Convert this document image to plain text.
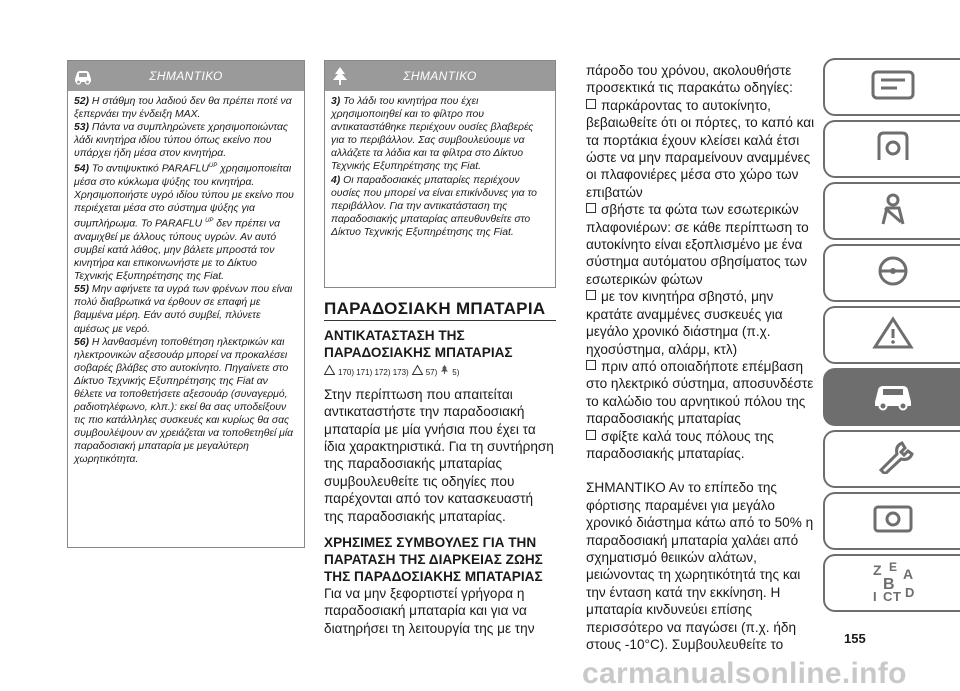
ΣΗΜΑΝΤΙΚΟ

52) Η στάθμη του λαδιού δεν θα πρέπει ποτέ να ξεπερνάει την ένδειξη MAX.

53) Πάντα να συμπληρώνετε χρησιμοποιώντας λάδι κινητήρα ιδίου τύπου όπως εκείνο που υπάρχει ήδη μέσα στον κινητήρα.

54) Το αντιψυκτικό $PARAFLU^{UP}$ χρησιμοποιείται μέσα στο κύκλωμα ψύξης του κινητήρα. Χρησιμοποιήστε υγρό ιδίου τύπου με εκείνο που περιέχεται μέσα στο σύστημα ψύξης για συμπλήρωμα. Το PARAFLU $^{UP}$ δεν πρέπει να αναμιχθεί με άλλους τύπους υγρών. Αν αυτό συμβεί κατά λάθος, μην βάλετε μπροστά τον κινητήρα και επικοινωνήστε με το Δίκτυο Τεχνικής Εξυπηρέτησης της Fiat.

55) Μην αφήνετε τα υγρά των φρένων που είναι πολύ διαβρωτικά να έρθουν σε επαφή με βαμμένα μέρη. Εάν αυτό συμβεί, πλύνετε αμέσως με νερό.

56) Η λανθασμένη τοποθέτηση ηλεκτρικών και ηλεκτρονικών αξεσουάρ μπορεί να προκαλέσει σοβαρές βλάβες στο αυτοκίνητο. Πηγαίνετε στο Δίκτυο Τεχνικής Εξυπηρέτησης της Fiat αν θέλετε να τοποθετήσετε αξεσουάρ (συναγερμό, ραδιοτηλέφωνο, κλπ.): εκεί θα σας υποδείξουν τις πιο κατάλληλες συσκευές και κυρίως θα σας συμβουλέψουν αν χρειάζεται να τοποθετηθεί μία παραδοσιακή μπαταρία με μεγαλύτερη χωρητικότητα.

ΣΗΜΑΝΤΙΚΟ

3) Το λάδι του κινητήρα που έχει χρησιμοποιηθεί και το φίλτρο που αντικαταστάθηκε περιέχουν ουσίες βλαβερές για το περιβάλλον. Σας συμβουλεύουμε να αλλάζετε τα λάδια και τα φίλτρα στο Δίκτυο Τεχνικής Εξυπηρέτησης της Fiat.

4) Οι παραδοσιακές μπαταρίες περιέχουν ουσίες που μπορεί να είναι επικίνδυνες για το περιβάλλον. Για την αντικατάσταση της παραδοσιακής μπαταρίας απευθυνθείτε στο Δίκτυο Τεχνικής Εξυπηρέτησης της Fiat.

ΠΑΡΑΔΟΣΙΑΚΗ ΜΠΑΤΑΡΙΑ
ΑΝΤΙΚΑΤΑΣΤΑΣΗ ΤΗΣ ΠΑΡΑΔΟΣΙΑΚΗΣ ΜΠΑΤΑΡΙΑΣ
170) 171) 172) 173) 57) 5)

Στην περίπτωση που απαιτείται αντικαταστήστε την παραδοσιακή μπαταρία με μία γνήσια που έχει τα ίδια χαρακτηριστικά. Για τη συντήρηση της παραδοσιακής μπαταρίας συμβουλευθείτε τις οδηγίες που παρέχονται από τον κατασκευαστή της παραδοσιακής μπαταρίας.

ΧΡΗΣΙΜΕΣ ΣΥΜΒΟΥΛΕΣ ΓΙΑ ΤΗΝ ΠΑΡΑΤΑΣΗ ΤΗΣ ΔΙΑΡΚΕΙΑΣ ΖΩΗΣ ΤΗΣ ΠΑΡΑΔΟΣΙΑΚΗΣ ΜΠΑΤΑΡΙΑΣ

Για να μην ξεφορτιστεί γρήγορα η παραδοσιακή μπαταρία και για να διατηρήσει τη λειτουργία της με την

πάροδο του χρόνου, ακολουθήστε προσεκτικά τις παρακάτω οδηγίες:

παρκάροντας το αυτοκίνητο, βεβαιωθείτε ότι οι πόρτες, το καπό και τα πορτάκια έχουν κλείσει καλά έτσι ώστε να μην παραμείνουν αναμμένες οι πλαφονιέρες μέσα στο χώρο των επιβατών

σβήστε τα φώτα των εσωτερικών πλαφονιέρων: σε κάθε περίπτωση το αυτοκίνητο είναι εξοπλισμένο με ένα σύστημα αυτόματου σβησίματος των εσωτερικών φώτων

με τον κινητήρα σβηστό, μην κρατάτε αναμμένες συσκευές για μεγάλο χρονικό διάστημα (π.χ. ηχοσύστημα, αλάρμ, κτλ)

πριν από οποιαδήποτε επέμβαση στο ηλεκτρικό σύστημα, αποσυνδέστε το καλώδιο του αρνητικού πόλου της παραδοσιακής μπαταρίας

σφίξτε καλά τους πόλους της παραδοσιακής μπαταρίας.

ΣΗΜΑΝΤΙΚΟ Αν το επίπεδο της φόρτισης παραμένει για μεγάλο χρονικό διάστημα κάτω από το 50% η παραδοσιακή μπαταρία χαλάει από σχηματισμό θειικών αλάτων, μειώνοντας τη χωρητικότητά της και την ένταση κατά την εκκίνηση. Η μπαταρία κινδυνεύει επίσης περισσότερο να παγώσει (π.χ. ήδη στους -10°C). Συμβουλευθείτε το

Z E A
B
I C T D
155
carmanualsonline.info
